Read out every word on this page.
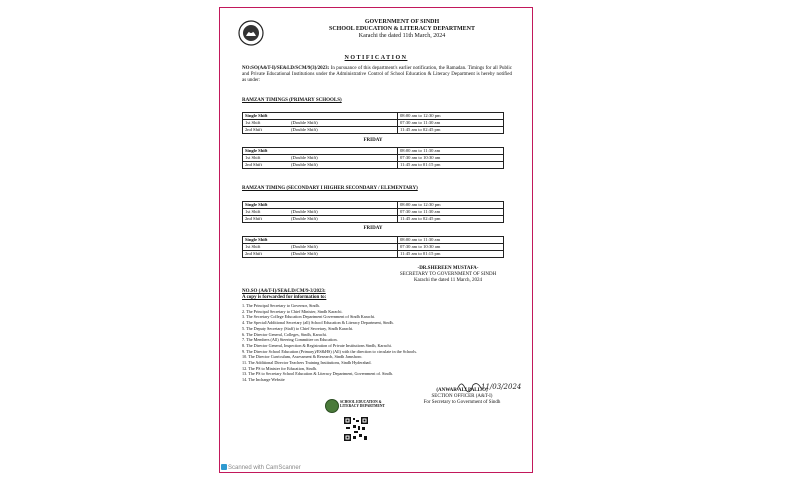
GOVERNMENT OF SINDH
SCHOOL EDUCATION & LITERACY DEPARTMENT
Karachi the dated 11th March, 2024
NOTIFICATION
NO:SO(A&T-I)/SE&LD/SCM/9(3)/2023: In pursuance of this department's earlier notification, the Ramadan. Timings for all Public and Private Educational Institutions under the Administrative Control of School Education & Literacy Department is hereby notified as under:
RAMZAN TIMINGS (PRIMARY SCHOOLS)
Single Shift	08:00 am to 12:30 pm
1st Shift (Double Shift)	07:30 am to 11:30 am
2nd Shift (Double Shift)	11:45 am to 02:45 pm
FRIDAY
Single Shift	08:00 am to 11:30 am
1st Shift (Double Shift)	07:30 am to 10:30 am
2nd Shift (Double Shift)	11:45 am to 01:15 pm
RAMZAN TIMING (SECONDARY I HIGHER SECONDARY / ELEMENTARY)
Single Shift	08:00 am to 12:30 pm
1st Shift (Double Shift)	07:30 am to 11:30 am
2nd Shift (Double Shift)	11:45 am to 02:45 pm
FRIDAY
Single Shift	08:00 am to 11:30 am
1st Shift (Double Shift)	07:30 am to 10:30 am
2nd Shift (Double Shift)	11:45 am to 01:15 pm
-DR.SHEREEN MUSTAFA-
SECRETARY TO GOVERNMENT OF SINDH
Karachi the dated 11 March, 2024
NO.SO (A&T-I)/SE&LD/CM/9-3/2023:
A copy is forwarded for information to:
1. The Principal Secretary to Governor, Sindh.
2. The Principal Secretary to Chief Minister, Sindh Karachi.
3. The Secretary College Education Department Government of Sindh Karachi.
4. The Special/Additional Secretary (all) School Education & Literacy Department, Sindh.
5. The Deputy Secretary (Staff) to Chief Secretary, Sindh Karachi.
6. The Director General, Colleges, Sindh, Karachi.
7. The Members (All) Steering Committee on Education.
8. The Director General, Inspection & Registration of Private Institutions Sindh, Karachi.
9. The Director School Education (Primary)/ES&HS) (All) with the direction to circulate in the Schools.
10. The Director Curriculum, Assessment & Research, Sindh Jamshoro.
11. The Additional Director Teachers Training Institutions, Sindh Hyderabad.
12. The PS to Minister for Education, Sindh.
13. The PS to Secretary School Education & Literacy Department, Government of. Sindh.
14. The Incharge Website
SCHOOL EDUCATION &
LITERACY DEPARTMENT
11/03/2024
(ANWAR ALI PALIJO)
SECTION OFFICER (A&T-I)
For Secretary to Government of Sindh
Scanned with CamScanner
